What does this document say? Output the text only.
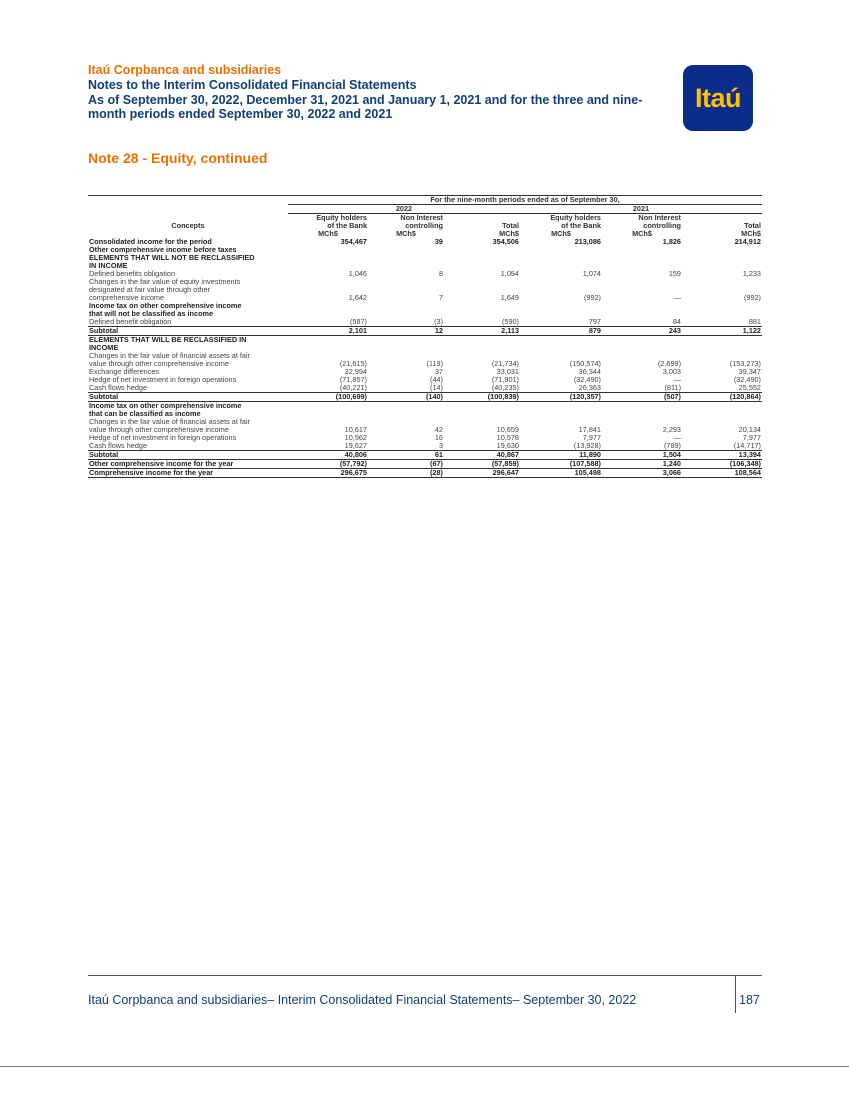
Itaú Corpbanca and subsidiaries
Notes to the Interim Consolidated Financial Statements
As of September 30, 2022, December 31, 2021 and January 1, 2021 and for the three and nine-
month periods ended September 30, 2022 and 2021
Itaú
Note 28 - Equity, continued
	For the nine-month periods ended as of September 30,					
	2022			2021		
	Equity holders	Non Interest		Equity holders	Non Interest	
Concepts	of the Bank	controlling	Total	of the Bank	controlling	Total
	MCh$	MCh$	MCh$	MCh$	MCh$	MCh$

Consolidated income for the period	354,467	39	354,506	213,086	1,826	214,912

Other comprehensive income before taxes						

ELEMENTS THAT WILL NOT BE RECLASSIFIED						

IN INCOME						

Defined benefits obligation	1,046	8	1,054	1,074	159	1,233

Changes in the fair value of equity investments
designated at fair value through other
comprehensive income	1,642	7	1,649	(992)	—	(992)

Income tax on other comprehensive income						

that will not be classified as income						

Defined benefit obligation	(587)	(3)	(590)	797	84	881

Subtotal	2,101	12	2,113	879	243	1,122

ELEMENTS THAT WILL BE RECLASSIFIED IN						

INCOME						

Changes in the fair value of financial assets at fair
value through other comprehensive income	(21,615)	(119)	(21,734)	(150,574)	(2,699)	(153,273)

Exchange differences	32,994	37	33,031	36,344	3,003	39,347

Hedge of net investment in foreign operations	(71,857)	(44)	(71,901)	(32,490)	—	(32,490)

Cash flows hedge	(40,221)	(14)	(40,235)	26,363	(811)	25,552

Subtotal	(100,699)	(140)	(100,839)	(120,357)	(507)	(120,864)

Income tax on other comprehensive income						

that can be classified as income						

Changes in the fair value of financial assets at fair
value through other comprehensive income	10,617	42	10,659	17,841	2,293	20,134

Hedge of net investment in foreign operations	10,562	16	10,578	7,977	—	7,977

Cash flows hedge	19,627	3	19,630	(13,928)	(789)	(14,717)

Subtotal	40,806	61	40,867	11,890	1,504	13,394

Other comprehensive income for the year	(57,792)	(67)	(57,859)	(107,588)	1,240	(106,348)

Comprehensive income for the year	296,675	(28)	296,647	105,498	3,066	108,564
Itaú Corpbanca and subsidiaries– Interim Consolidated Financial Statements– September 30, 2022	187
